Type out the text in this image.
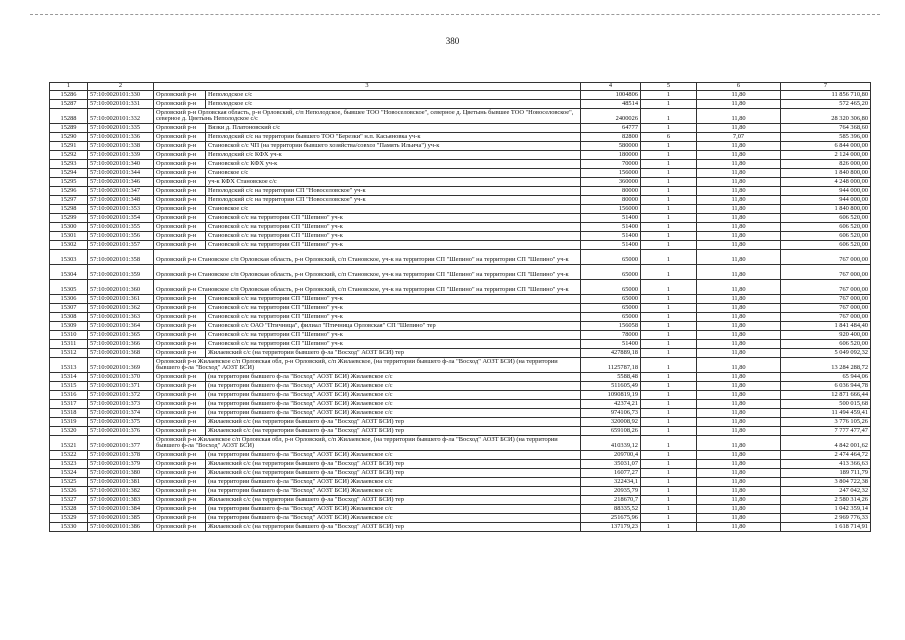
380
1	2	3		4	5	6	7
15286	57:10:0020101:330	Орловский р-н	Неполодское с/с	1004806	1	11,80	11 856 710,80
15287	57:10:0020101:331	Орловский р-н	Неполодское с/с	48514	1	11,80	572 465,20
15288	57:10:0020101:332	Орловский р-н Орловская область, р-н Орловский, с/п Неполодское, бывшее ТОО "Новоселовское", северное д. Цветынь бывшее ТОО "Новоселовское", северное д. Цветынь Неполодское с/с		2400026	1	11,80	28 320 306,80
15289	57:10:0020101:335	Орловский р-н	Вязки д. Платоновский с/с	64777	1	11,80	764 368,60
15290	57:10:0020101:336	Орловский р-н	Неполодский с/с на территории бывшего ТОО "Березки" н.п. Касьяновка уч-к	82800	6	7,07	585 396,00
15291	57:10:0020101:338	Орловский р-н	Становской с/с ЧП (на территории бывшего хозяйства/совхоз "Память Ильича") уч-к	580000	1	11,80	6 844 000,00
15292	57:10:0020101:339	Орловский р-н	Неполодский с/с КФХ уч-к	180000	1	11,80	2 124 000,00
15293	57:10:0020101:340	Орловский р-н	Становской с/с КФХ уч-к	70000	1	11,80	826 000,00
15294	57:10:0020101:344	Орловский р-н	Становское с/с	156000	1	11,80	1 840 800,00
15295	57:10:0020101:346	Орловский р-н	уч-к КФХ Становское с/с	360000	1	11,80	4 248 000,00
15296	57:10:0020101:347	Орловский р-н	Неполодский с/с на территории СП "Новоселовское" уч-к	80000	1	11,80	944 000,00
15297	57:10:0020101:348	Орловский р-н	Неполодский с/с на территории СП "Новоселовское" уч-к	80000	1	11,80	944 000,00
15298	57:10:0020101:353	Орловский р-н	Становское с/с	156000	1	11,80	1 840 800,00
15299	57:10:0020101:354	Орловский р-н	Становской с/с на территории СП "Шепино" уч-к	51400	1	11,80	606 520,00
15300	57:10:0020101:355	Орловский р-н	Становской с/с на территории СП "Шепино" уч-к	51400	1	11,80	606 520,00
15301	57:10:0020101:356	Орловский р-н	Становской с/с на территории СП "Шепино" уч-к	51400	1	11,80	606 520,00
15302	57:10:0020101:357	Орловский р-н	Становской с/с на территории СП "Шепино" уч-к	51400	1	11,80	606 520,00
15303	57:10:0020101:358	Орловский р-н Становское с/п Орловская область, р-н Орловский, с/п Становское, уч-к на территории СП "Шепино" на территории СП "Шепино" уч-к		65000	1	11,80	767 000,00
15304	57:10:0020101:359	Орловский р-н Становское с/п Орловская область, р-н Орловский, с/п Становское, уч-к на территории СП "Шепино" на территории СП "Шепино" уч-к		65000	1	11,80	767 000,00
15305	57:10:0020101:360	Орловский р-н Становское с/п Орловская область, р-н Орловский, с/п Становское, уч-к на территории СП "Шепино" на территории СП "Шепино" уч-к		65000	1	11,80	767 000,00
15306	57:10:0020101:361	Орловский р-н	Становской с/с на территории СП "Шепино" уч-к	65000	1	11,80	767 000,00
15307	57:10:0020101:362	Орловский р-н	Становской с/с на территории СП "Шепино" уч-к	65000	1	11,80	767 000,00
15308	57:10:0020101:363	Орловский р-н	Становской с/с на территории СП "Шепино" уч-к	65000	1	11,80	767 000,00
15309	57:10:0020101:364	Орловский р-н	Становской с/с ОАО "Птичница", филиал "Птичница Орловская" СП "Шепино" тер	156058	1	11,80	1 841 484,40
15310	57:10:0020101:365	Орловский р-н	Становской с/с на территории СП "Шепино" уч-к	78000	1	11,80	920 400,00
15311	57:10:0020101:366	Орловский р-н	Становской с/с на территории СП "Шепино" уч-к	51400	1	11,80	606 520,00
15312	57:10:0020101:368	Орловский р-н	Жилаевский с/с (на территории бывшего ф-ла "Восход" АОЗТ БСИ) тер	427889,18	1	11,80	5 049 092,32
15313	57:10:0020101:369	Орловский р-н Жилаевское с/п Орловская обл, р-н Орловский, с/п Жилаевское, (на территории бывшего ф-ла "Восход" АОЗТ БСИ) (на территории бывшего ф-ла "Восход" АОЗТ БСИ)		1125787,18	1	11,80	13 284 288,72
15314	57:10:0020101:370	Орловский р-н	(на территории бывшего ф-ла "Восход" АОЗТ БСИ) Жилаевское с/с	5588,48	1	11,80	65 944,06
15315	57:10:0020101:371	Орловский р-н	(на территории бывшего ф-ла "Восход" АОЗТ БСИ) Жилаевское с/с	511605,49	1	11,80	6 036 944,78
15316	57:10:0020101:372	Орловский р-н	(на территории бывшего ф-ла "Восход" АОЗТ БСИ) Жилаевское с/с	1090819,19	1	11,80	12 871 666,44
15317	57:10:0020101:373	Орловский р-н	(на территории бывшего ф-ла "Восход" АОЗТ БСИ) Жилаевское с/с	42374,21	1	11,80	500 015,68
15318	57:10:0020101:374	Орловский р-н	(на территории бывшего ф-ла "Восход" АОЗТ БСИ) Жилаевское с/с	974106,73	1	11,80	11 494 459,41
15319	57:10:0020101:375	Орловский р-н	Жилаевский с/с (на территории бывшего ф-ла "Восход" АОЗТ БСИ) тер	320008,92	1	11,80	3 776 105,26
15320	57:10:0020101:376	Орловский р-н	Жилаевский с/с (на территории бывшего ф-ла "Восход" АОЗТ БСИ) тер	659108,26	1	11,80	7 777 477,47
15321	57:10:0020101:377	Орловский р-н Жилаевское с/п Орловская обл, р-н Орловский, с/п Жилаевское, (на территории бывшего ф-ла "Восход" АОЗТ БСИ) (на территории бывшего ф-ла "Восход" АОЗТ БСИ)		410339,12	1	11,80	4 842 001,62
15322	57:10:0020101:378	Орловский р-н	(на территории бывшего ф-ла "Восход" АОЗТ БСИ) Жилаевское с/с	209700,4	1	11,80	2 474 464,72
15323	57:10:0020101:379	Орловский р-н	Жилаевский с/с (на территории бывшего ф-ла "Восход" АОЗТ БСИ) тер	35031,07	1	11,80	413 366,63
15324	57:10:0020101:380	Орловский р-н	Жилаевский с/с (на территории бывшего ф-ла "Восход" АОЗТ БСИ) тер	16077,27	1	11,80	189 711,79
15325	57:10:0020101:381	Орловский р-н	(на территории бывшего ф-ла "Восход" АОЗТ БСИ) Жилаевское с/с	322434,1	1	11,80	3 804 722,38
15326	57:10:0020101:382	Орловский р-н	(на территории бывшего ф-ла "Восход" АОЗТ БСИ) Жилаевское с/с	20935,79	1	11,80	247 042,32
15327	57:10:0020101:383	Орловский р-н	Жилаевский с/с (на территории бывшего ф-ла "Восход" АОЗТ БСИ) тер	218670,7	1	11,80	2 580 314,26
15328	57:10:0020101:384	Орловский р-н	(на территории бывшего ф-ла "Восход" АОЗТ БСИ) Жилаевское с/с	88335,52	1	11,80	1 042 359,14
15329	57:10:0020101:385	Орловский р-н	(на территории бывшего ф-ла "Восход" АОЗТ БСИ) Жилаевское с/с	251675,96	1	11,80	2 969 776,33
15330	57:10:0020101:386	Орловский р-н	Жилаевский с/с (на территории бывшего ф-ла "Восход" АОЗТ БСИ) тер	137179,23	1	11,80	1 618 714,91
